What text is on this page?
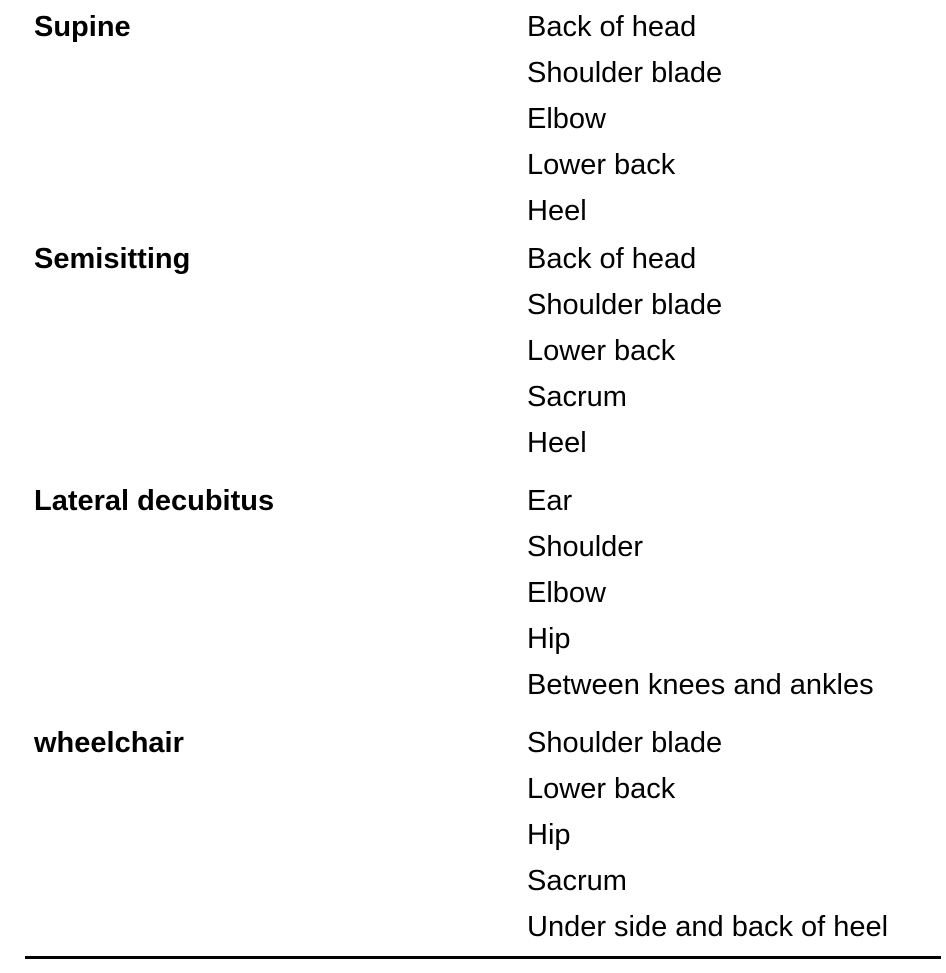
Supine	Back of head
Shoulder blade
Elbow
Lower back
Heel
Semisitting	Back of head
Shoulder blade
Lower back
Sacrum
Heel
Lateral decubitus	Ear
Shoulder
Elbow
Hip
Between knees and ankles
wheelchair	Shoulder blade
Lower back
Hip
Sacrum
Under side and back of heel
